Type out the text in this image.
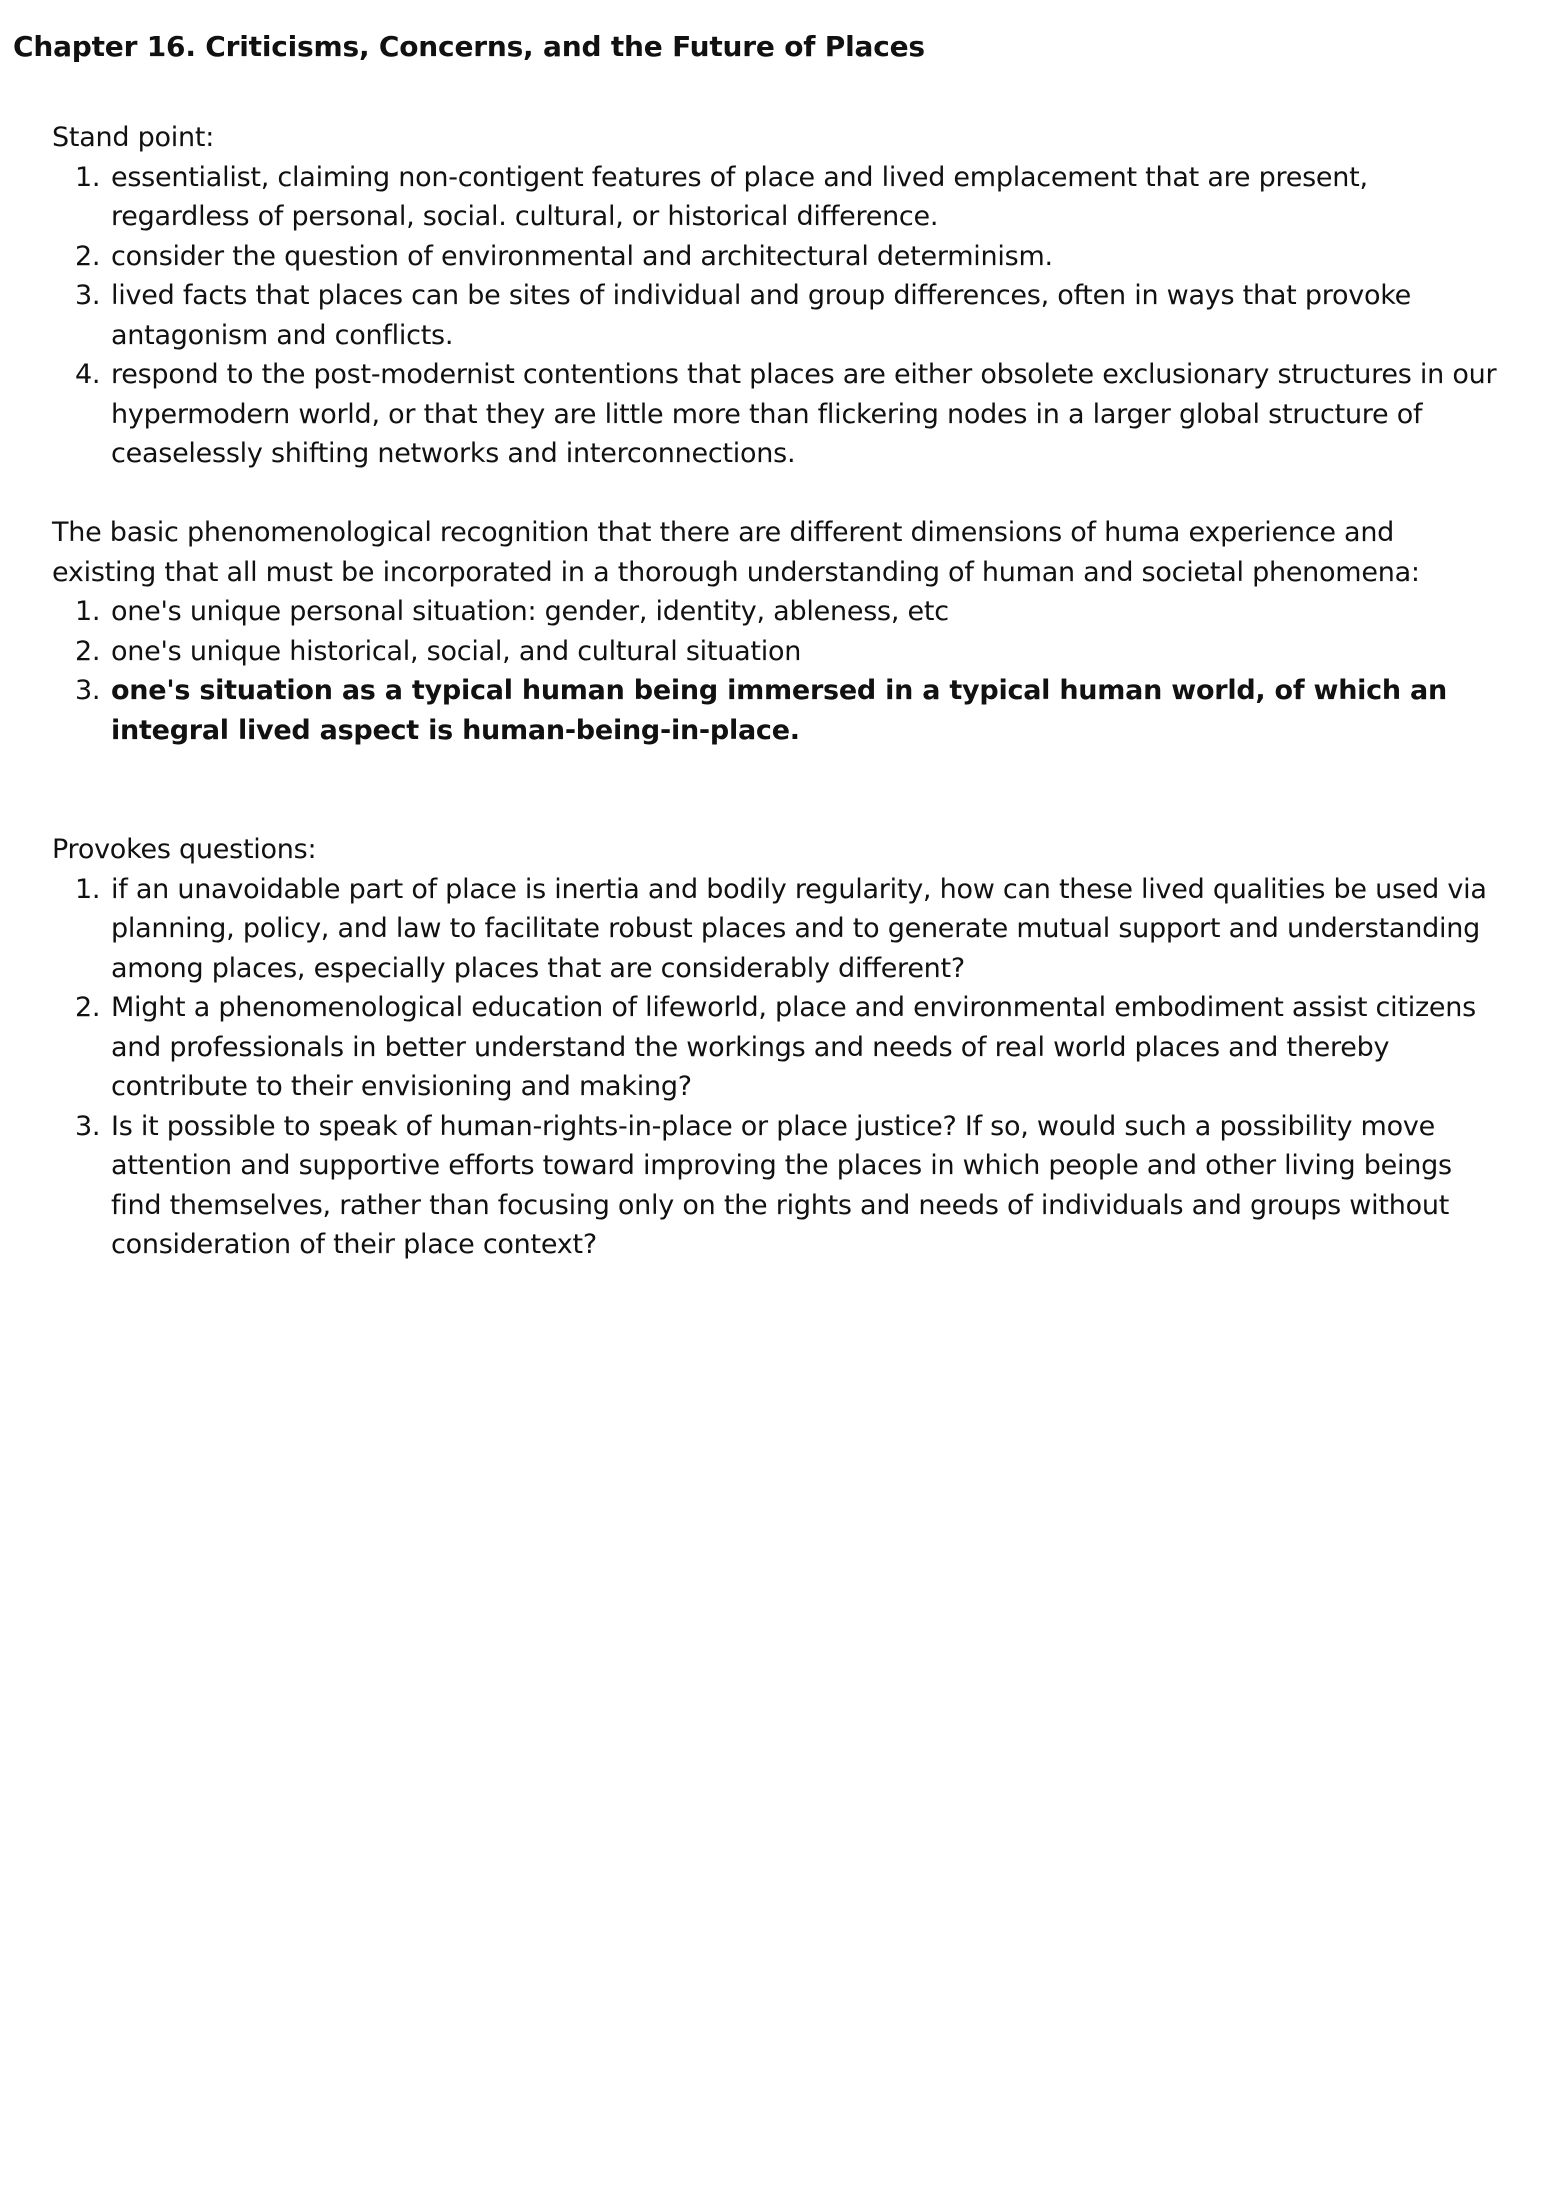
Chapter 16. Criticisms, Concerns, and the Future of Places

Stand point:

1. essentialist, claiming non-contigent features of place and lived emplacement that are present, regardless of personal, social. cultural, or historical difference.
2. consider the question of environmental and architectural determinism.
3. lived facts that places can be sites of individual and group differences, often in ways that provoke antagonism and conflicts.
4. respond to the post-modernist contentions that places are either obsolete exclusionary structures in our hypermodern world, or that they are little more than flickering nodes in a larger global structure of ceaselessly shifting networks and interconnections.

The basic phenomenological recognition that there are different dimensions of huma experience and existing that all must be incorporated in a thorough understanding of human and societal phenomena:

1. one's unique personal situation: gender, identity, ableness, etc
2. one's unique historical, social, and cultural situation
3. one's situation as a typical human being immersed in a typical human world, of which an integral lived aspect is human-being-in-place.

Provokes questions:

1. if an unavoidable part of place is inertia and bodily regularity, how can these lived qualities be used via planning, policy, and law to facilitate robust places and to generate mutual support and understanding among places, especially places that are considerably different?
2. Might a phenomenological education of lifeworld, place and environmental embodiment assist citizens and professionals in better understand the workings and needs of real world places and thereby contribute to their envisioning and making?
3. Is it possible to speak of human-rights-in-place or place justice? If so, would such a possibility move attention and supportive efforts toward improving the places in which people and other living beings find themselves, rather than focusing only on the rights and needs of individuals and groups without consideration of their place context?
